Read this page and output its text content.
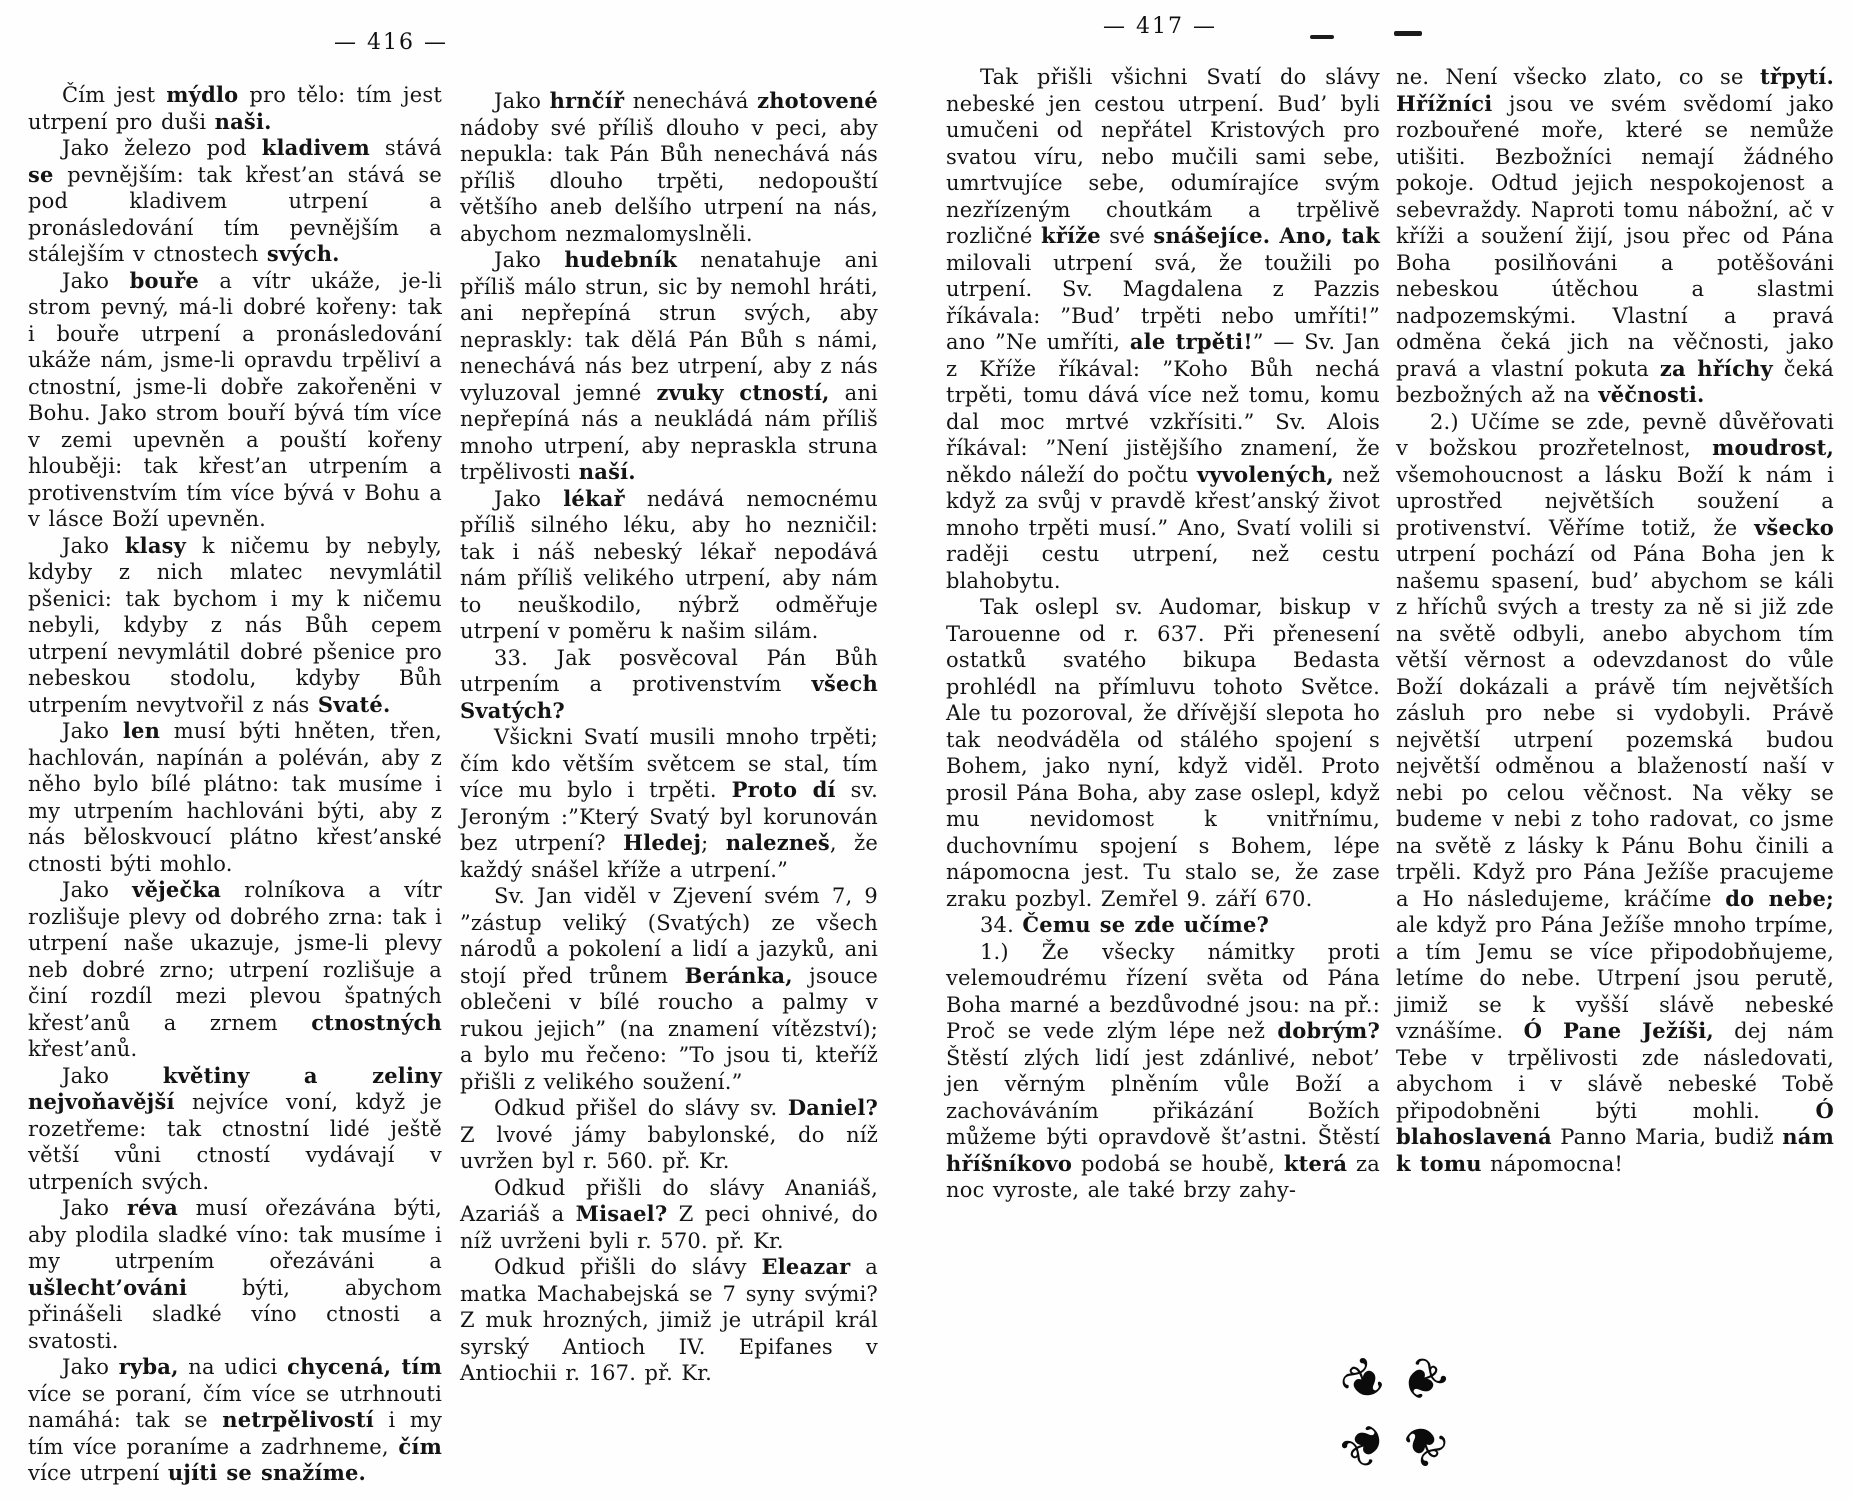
— 416 —
— 417 —

Čím jest mýdlo pro tělo: tím jest utrpení pro duši naši.

Jako železo pod kladivem stává se pevnějším: tak křest’an stává se pod kladivem utrpení a pronásledování tím pevnějším a stálejším v ctnostech svých.

Jako bouře a vítr ukáže, je-li strom pevný, má-li dobré kořeny: tak i bouře utrpení a pronásledování ukáže nám, jsme-li opravdu trpěliví a ctnostní, jsme-li dobře zakořeněni v Bohu. Jako strom bouří bývá tím více v zemi upevněn a pouští kořeny hlouběji: tak křest’an utrpením a protivenstvím tím více bývá v Bohu a v lásce Boží upevněn.

Jako klasy k ničemu by nebyly, kdyby z nich mlatec nevymlátil pšenici: tak bychom i my k ničemu nebyli, kdyby z nás Bůh cepem utrpení nevymlátil dobré pšenice pro nebeskou stodolu, kdyby Bůh utrpením nevytvořil z nás Svaté.

Jako len musí býti hněten, třen, hachlován, napínán a poléván, aby z něho bylo bílé plátno: tak musíme i my utrpením hachlováni býti, aby z nás běloskvoucí plátno křest’anské ctnosti býti mohlo.

Jako věječka rolníkova a vítr rozlišuje plevy od dobrého zrna: tak i utrpení naše ukazuje, jsme-li plevy neb dobré zrno; utrpení rozlišuje a činí rozdíl mezi plevou špatných křest’anů a zrnem ctnostných křest’anů.

Jako květiny a zeliny nejvoňavější nejvíce voní, když je rozetřeme: tak ctnostní lidé ještě větší vůni ctností vydávají v utrpeních svých.

Jako réva musí ořezávána býti, aby plodila sladké víno: tak musíme i my utrpením ořezáváni a ušlecht’ováni býti, abychom přinášeli sladké víno ctnosti a svatosti.

Jako ryba, na udici chycená, tím více se poraní, čím více se utrhnouti namáhá: tak se netrpělivostí i my tím více poraníme a zadrhneme, čím více utrpení ujíti se snažíme.

Jako hrnčíř nenechává zhotovené nádoby své příliš dlouho v peci, aby nepukla: tak Pán Bůh nenechává nás příliš dlouho trpěti, nedopouští většího aneb delšího utrpení na nás, abychom nezmalomyslněli.

Jako hudebník nenatahuje ani příliš málo strun, sic by nemohl hráti, ani nepřepíná strun svých, aby nepraskly: tak dělá Pán Bůh s námi, nenechává nás bez utrpení, aby z nás vyluzoval jemné zvuky ctností, ani nepřepíná nás a neukládá nám příliš mnoho utrpení, aby nepraskla struna trpělivosti naší.

Jako lékař nedává nemocnému příliš silného léku, aby ho nezničil: tak i náš nebeský lékař nepodává nám příliš velikého utrpení, aby nám to neuškodilo, nýbrž odměřuje utrpení v poměru k našim silám.

33. Jak posvěcoval Pán Bůh utrpením a protivenstvím všech Svatých?

Všickni Svatí musili mnoho trpěti; čím kdo větším světcem se stal, tím více mu bylo i trpěti. Proto dí sv. Jeroným :”Který Svatý byl korunován bez utrpení? Hledej; nalezneš, že každý snášel kříže a utrpení.”

Sv. Jan viděl v Zjevení svém 7, 9 ”zástup veliký (Svatých) ze všech národů a pokolení a lidí a jazyků, ani stojí před trůnem Beránka, jsouce oblečeni v bílé roucho a palmy v rukou jejich” (na znamení vítězství); a bylo mu řečeno: ”To jsou ti, kteříž přišli z velikého soužení.”

Odkud přišel do slávy sv. Daniel? Z lvové jámy babylonské, do níž uvržen byl r. 560. př. Kr.

Odkud přišli do slávy Ananiáš, Azariáš a Misael? Z peci ohnivé, do níž uvrženi byli r. 570. př. Kr.

Odkud přišli do slávy Eleazar a matka Machabejská se 7 syny svými? Z muk hrozných, jimiž je utrápil král syrský Antioch IV. Epifanes v Antiochii r. 167. př. Kr.

Tak přišli všichni Svatí do slávy nebeské jen cestou utrpení. Bud’ byli umučeni od nepřátel Kristových pro svatou víru, nebo mučili sami sebe, umrtvujíce sebe, odumírajíce svým nezřízeným choutkám a trpělivě rozličné kříže své snášejíce. Ano, tak milovali utrpení svá, že toužili po utrpení. Sv. Magdalena z Pazzis říkávala: ”Bud’ trpěti nebo umříti!” ano ”Ne umříti, ale trpěti!” — Sv. Jan z Kříže říkával: ”Koho Bůh nechá trpěti, tomu dává více než tomu, komu dal moc mrtvé vzkřísiti.” Sv. Alois říkával: ”Není jistějšího znamení, že někdo náleží do počtu vyvolených, než když za svůj v pravdě křest’anský život mnoho trpěti musí.” Ano, Svatí volili si raději cestu utrpení, než cestu blahobytu.

Tak oslepl sv. Audomar, biskup v Tarouenne od r. 637. Při přenesení ostatků svatého bikupa Bedasta prohlédl na přímluvu tohoto Světce. Ale tu pozoroval, že dřívější slepota ho tak neodváděla od stálého spojení s Bohem, jako nyní, když viděl. Proto prosil Pána Boha, aby zase oslepl, když mu nevidomost k vnitřnímu, duchovnímu spojení s Bohem, lépe nápomocna jest. Tu stalo se, že zase zraku pozbyl. Zemřel 9. září 670.

34. Čemu se zde učíme?

1.) Že všecky námitky proti velemoudrému řízení světa od Pána Boha marné a bezdůvodné jsou: na př.: Proč se vede zlým lépe než dobrým? Štěstí zlých lidí jest zdánlivé, nebot’ jen věrným plněním vůle Boží a zachováváním přikázání Božích můžeme býti opravdově št’astni. Štěstí hříšníkovo podobá se houbě, která za noc vyroste, ale také brzy zahy-

ne. Není všecko zlato, co se třpytí. Hřížníci jsou ve svém svědomí jako rozbouřené moře, které se nemůže utišiti. Bezbožníci nemají žádného pokoje. Odtud jejich nespokojenost a sebevraždy. Naproti tomu nábožní, ač v kříži a soužení žijí, jsou přec od Pána Boha posilňováni a potěšováni nebeskou útěchou a slastmi nadpozemskými. Vlastní a pravá odměna čeká jich na věčnosti, jako pravá a vlastní pokuta za hříchy čeká bezbožných až na věčnosti.

2.) Učíme se zde, pevně důvěřovati v božskou prozřetelnost, moudrost, všemohoucnost a lásku Boží k nám i uprostřed největších soužení a protivenství. Věříme totiž, že všecko utrpení pochází od Pána Boha jen k našemu spasení, bud’ abychom se káli z hříchů svých a tresty za ně si již zde na světě odbyli, anebo abychom tím větší věrnost a odevzdanost do vůle Boží dokázali a právě tím největších zásluh pro nebe si vydobyli. Právě největší utrpení pozemská budou největší odměnou a blažeností naší v nebi po celou věčnost. Na věky se budeme v nebi z toho radovat, co jsme na světě z lásky k Pánu Bohu činili a trpěli. Když pro Pána Ježíše pracujeme a Ho následujeme, kráčíme do nebe; ale když pro Pána Ježíše mnoho trpíme, a tím Jemu se více připodobňujeme, letíme do nebe. Utrpení jsou perutě, jimiž se k vyšší slávě nebeské vznášíme. Ó Pane Ježíši, dej nám Tebe v trpělivosti zde následovati, abychom i v slávě nebeské Tobě připodobněni býti mohli. Ó blahoslavená Panno Maria, budiž nám k tomu nápomocna!

❦
❦
❦
❦
